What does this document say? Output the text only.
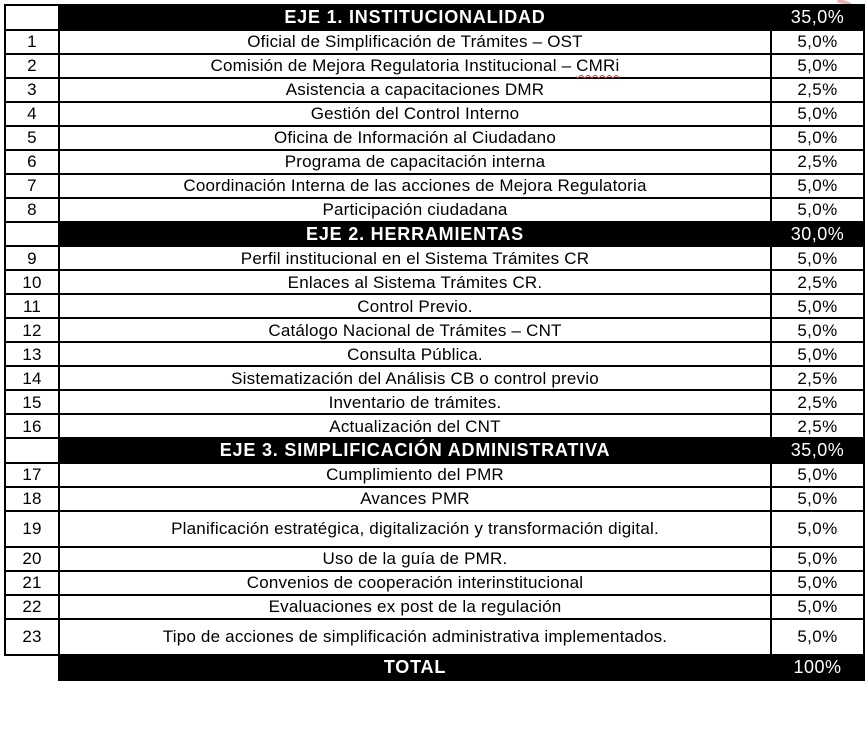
	EJE 1. INSTITUCIONALIDAD	35,0%
1	Oficial de Simplificación de Trámites – OST	5,0%
2	Comisión de Mejora Regulatoria Institucional – CMRi	5,0%
3	Asistencia a capacitaciones DMR	2,5%
4	Gestión del Control Interno	5,0%
5	Oficina de Información al Ciudadano	5,0%
6	Programa de capacitación interna	2,5%
7	Coordinación Interna de las acciones de Mejora Regulatoria	5,0%
8	Participación ciudadana	5,0%
	EJE 2. HERRAMIENTAS	30,0%
9	Perfil institucional en el Sistema Trámites CR	5,0%
10	Enlaces al Sistema Trámites CR.	2,5%
11	Control Previo.	5,0%
12	Catálogo Nacional de Trámites – CNT	5,0%
13	Consulta Pública.	5,0%
14	Sistematización del Análisis CB o control previo	2,5%
15	Inventario de trámites.	2,5%
16	Actualización del CNT	2,5%
	EJE 3. SIMPLIFICACIÓN ADMINISTRATIVA	35,0%
17	Cumplimiento del PMR	5,0%
18	Avances PMR	5,0%
19	Planificación estratégica, digitalización y transformación digital.	5,0%
20	Uso de la guía de PMR.	5,0%
21	Convenios de cooperación interinstitucional	5,0%
22	Evaluaciones ex post de la regulación	5,0%
23	Tipo de acciones de simplificación administrativa implementados.	5,0%
	TOTAL	100%
